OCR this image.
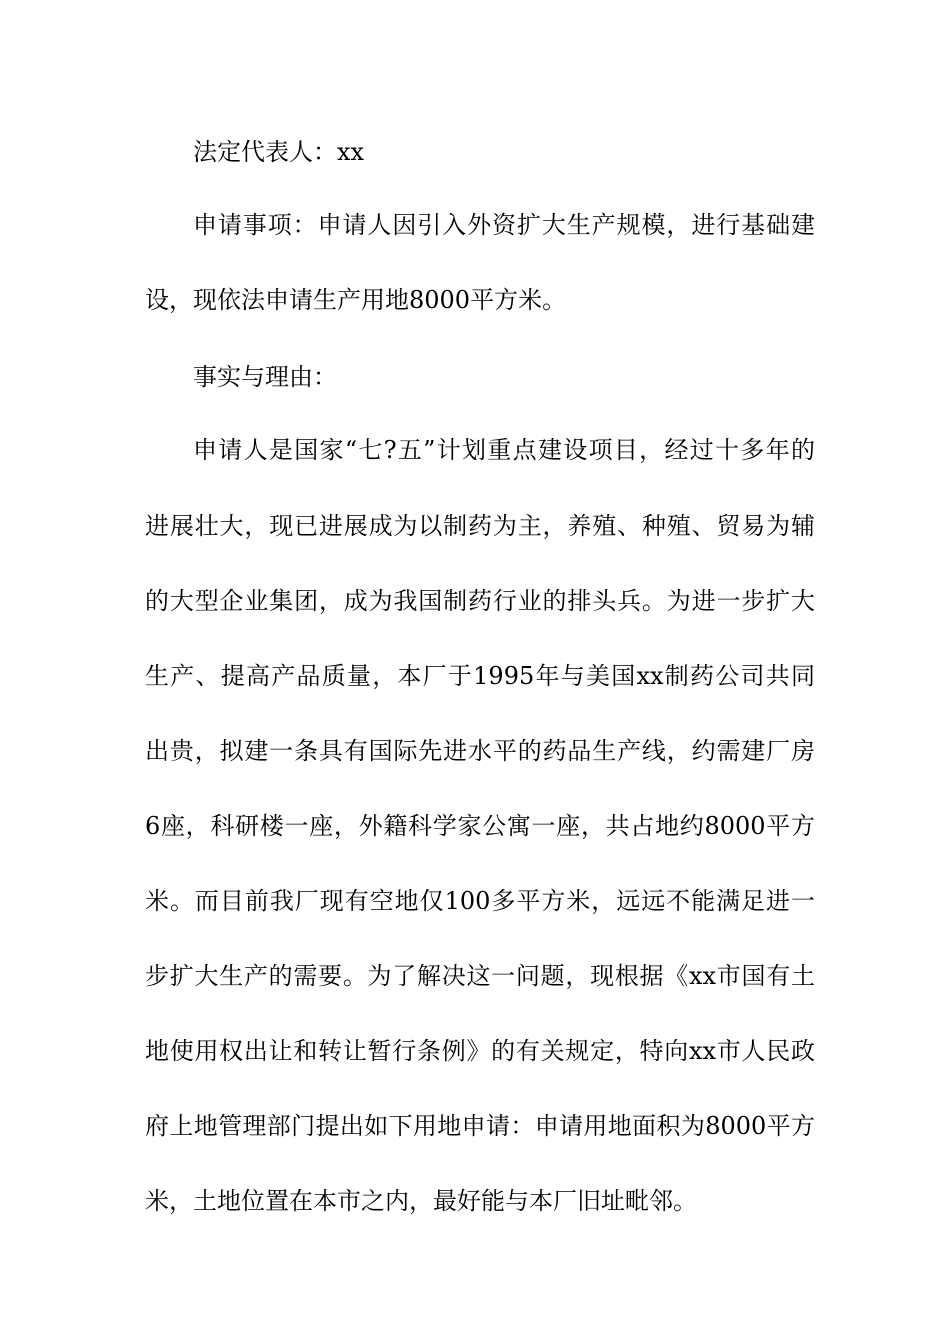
法定代表人：xx
申请事项：申请人因引入外资扩大生产规模，进行基础建
设，现依法申请生产用地8000平方米。
事实与理由：
申请人是国家“七?五”计划重点建设项目，经过十多年的
进展壮大，现已进展成为以制药为主，养殖、种殖、贸易为辅
的大型企业集团，成为我国制药行业的排头兵。为进一步扩大
生产、提高产品质量，本厂于1995年与美国xx制药公司共同
出贵，拟建一条具有国际先进水平的药品生产线，约需建厂房
6座，科研楼一座，外籍科学家公寓一座，共占地约8000平方
米。而目前我厂现有空地仅100多平方米，远远不能满足进一
步扩大生产的需要。为了解决这一问题，现根据《xx市国有土
地使用权出让和转让暂行条例》的有关规定，特向xx市人民政
府上地管理部门提出如下用地申请：申请用地面积为8000平方
米，土地位置在本市之内，最好能与本厂旧址毗邻。
